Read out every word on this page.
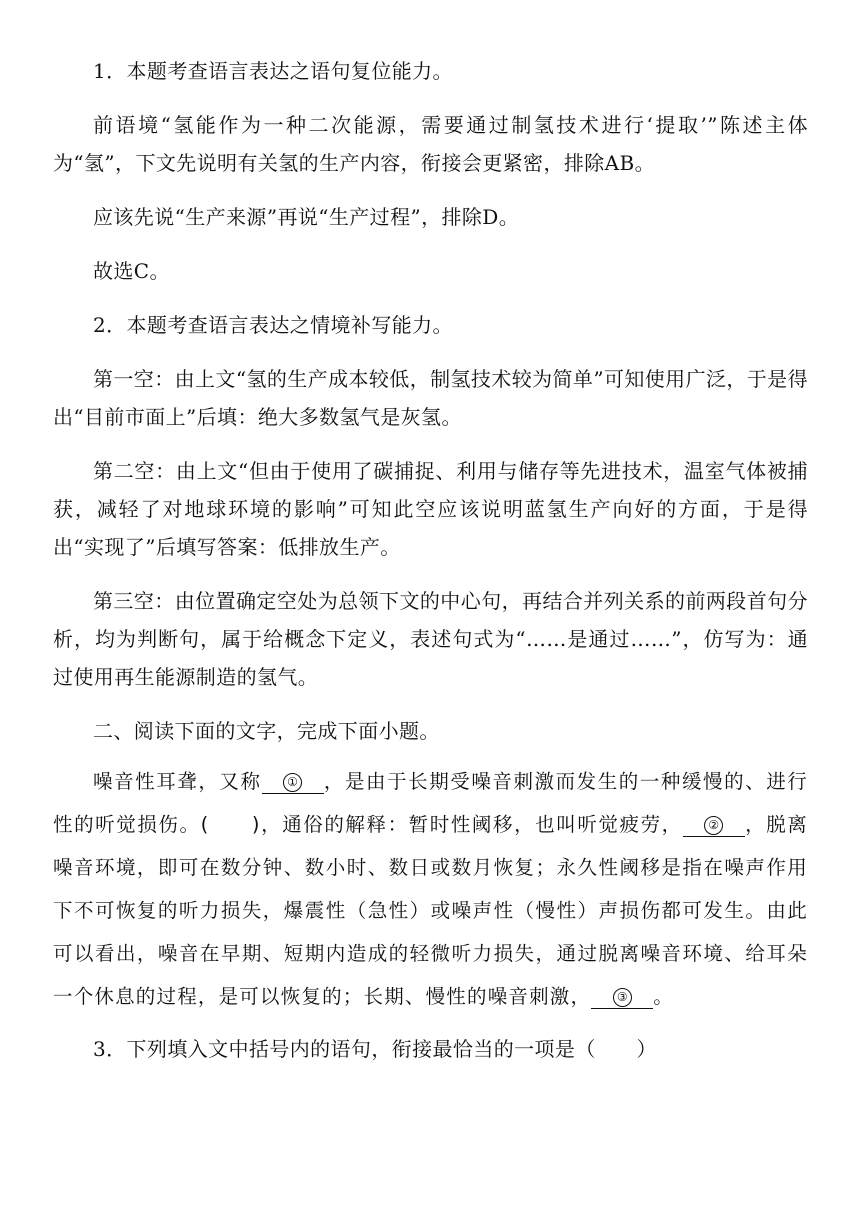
1．本题考查语言表达之语句复位能力。

前语境“氢能作为一种二次能源，需要通过制氢技术进行‘提取’”陈述主体为“氢”，下文先说明有关氢的生产内容，衔接会更紧密，排除AB。

应该先说“生产来源”再说“生产过程”，排除D。

故选C。

2．本题考查语言表达之情境补写能力。

第一空：由上文“氢的生产成本较低，制氢技术较为简单”可知使用广泛，于是得出“目前市面上”后填：绝大多数氢气是灰氢。

第二空：由上文“但由于使用了碳捕捉、利用与储存等先进技术，温室气体被捕获，减轻了对地球环境的影响”可知此空应该说明蓝氢生产向好的方面，于是得出“实现了”后填写答案：低排放生产。

第三空：由位置确定空处为总领下文的中心句，再结合并列关系的前两段首句分析，均为判断句，属于给概念下定义，表述句式为“……是通过……”，仿写为：通过使用再生能源制造的氢气。

二、阅读下面的文字，完成下面小题。

噪音性耳聋，又称 ① ，是由于长期受噪音刺激而发生的一种缓慢的、进行性的听觉损伤。(　　)，通俗的解释：暂时性阈移，也叫听觉疲劳， ② ，脱离噪音环境，即可在数分钟、数小时、数日或数月恢复；永久性阈移是指在噪声作用下不可恢复的听力损失，爆震性（急性）或噪声性（慢性）声损伤都可发生。由此可以看出，噪音在早期、短期内造成的轻微听力损失，通过脱离噪音环境、给耳朵一个休息的过程，是可以恢复的；长期、慢性的噪音刺激， ③ 。

3．下列填入文中括号内的语句，衔接最恰当的一项是（　　）
